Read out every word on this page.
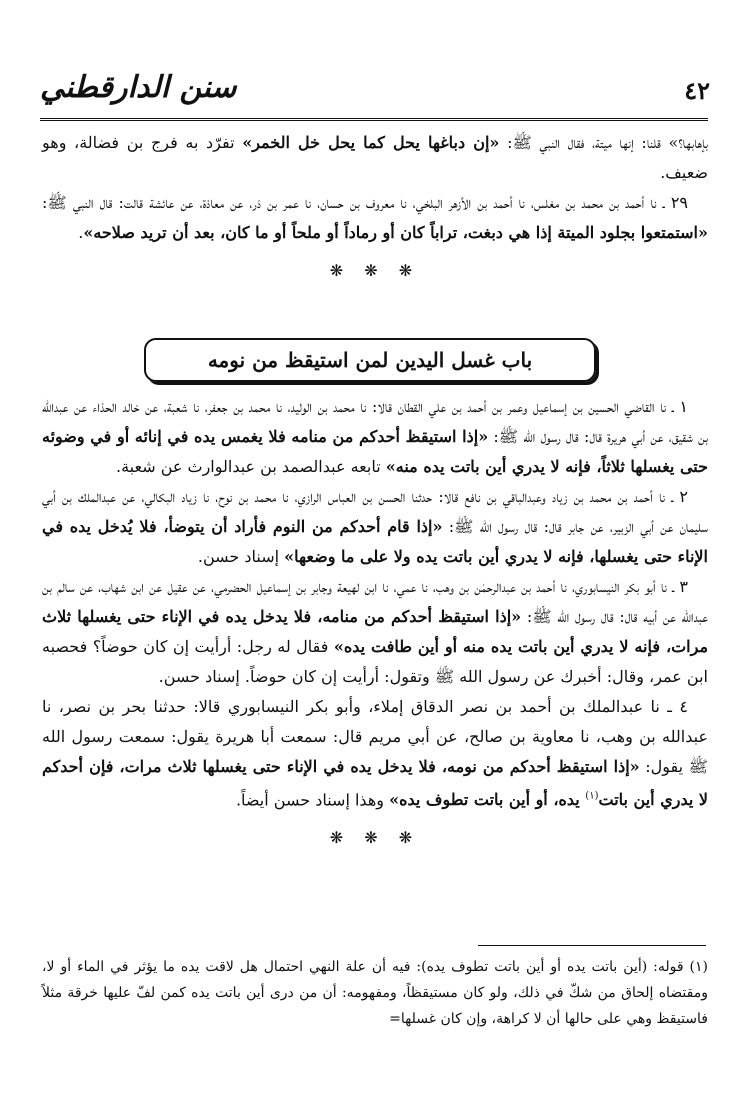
٤٢
سنن الدارقطني

بإهابها؟» قلنا: إنها ميتة، فقال النبي ﷺ: «إن دباغها يحل كما يحل خل الخمر» تفرّد به فرج بن فضالة، وهو ضعيف.

٢٩ ـ نا أحمد بن محمد بن مغلس، نا أحمد بن الأزهر البلخي، نا معروف بن حسان، نا عمر بن ذر، عن معاذة، عن عائشة قالت: قال النبي ﷺ: «استمتعوا بجلود الميتة إذا هي دبغت، تراباً كان أو رماداً أو ملحاً أو ما كان، بعد أن تريد صلاحه».

❋ ❋ ❋
باب غسل اليدين لمن استيقظ من نومه

١ ـ نا القاضي الحسين بن إسماعيل وعمر بن أحمد بن علي القطان قالا: نا محمد بن الوليد، نا محمد بن جعفر، نا شعبة، عن خالد الحذاء عن عبدالله بن شقيق، عن أبي هريرة قال: قال رسول الله ﷺ: «إذا استيقظ أحدكم من منامه فلا يغمس يده في إنائه أو في وضوئه حتى يغسلها ثلاثاً، فإنه لا يدري أين باتت يده منه» تابعه عبدالصمد بن عبدالوارث عن شعبة.

٢ ـ نا أحمد بن محمد بن زياد وعبدالباقي بن نافع قالا: حدثنا الحسن بن العباس الرازي، نا محمد بن نوح، نا زياد البكالي، عن عبدالملك بن أبي سليمان عن أبي الزبير، عن جابر قال: قال رسول الله ﷺ: «إذا قام أحدكم من النوم فأراد أن يتوضأ، فلا يُدخل يده في الإناء حتى يغسلها، فإنه لا يدري أين باتت يده ولا على ما وضعها» إسناد حسن.

٣ ـ نا أبو بكر النيسابوري، نا أحمد بن عبدالرحمٰن بن وهب، نا عمي، نا ابن لهيعة وجابر بن إسماعيل الحضرمي، عن عقيل عن ابن شهاب، عن سالم بن عبدالله عن أبيه قال: قال رسول الله ﷺ: «إذا استيقظ أحدكم من منامه، فلا يدخل يده في الإناء حتى يغسلها ثلاث مرات، فإنه لا يدري أين باتت يده منه أو أين طافت يده» فقال له رجل: أرأيت إن كان حوضاً؟ فحصبه ابن عمر، وقال: أخبرك عن رسول الله ﷺ وتقول: أرأيت إن كان حوضاً. إسناد حسن.

٤ ـ نا عبدالملك بن أحمد بن نصر الدقاق إملاء، وأبو بكر النيسابوري قالا: حدثنا بحر بن نصر، نا عبدالله بن وهب، نا معاوية بن صالح، عن أبي مريم قال: سمعت أبا هريرة يقول: سمعت رسول الله ﷺ يقول: «إذا استيقظ أحدكم من نومه، فلا يدخل يده في الإناء حتى يغسلها ثلاث مرات، فإن أحدكم لا يدري أين باتت$^{(١)}$ يده، أو أين باتت تطوف يده» وهذا إسناد حسن أيضاً.

❋ ❋ ❋
(١) قوله: (أين باتت يده أو أين باتت تطوف يده): فيه أن علة النهي احتمال هل لاقت يده ما يؤثر في الماء أو لا، ومقتضاه إلحاق من شكّ في ذلك، ولو كان مستيقظاً، ومفهومه: أن من درى أين باتت يده كمن لفّ عليها خرقة مثلاً فاستيقظ وهي على حالها أن لا كراهة، وإن كان غسلها=
